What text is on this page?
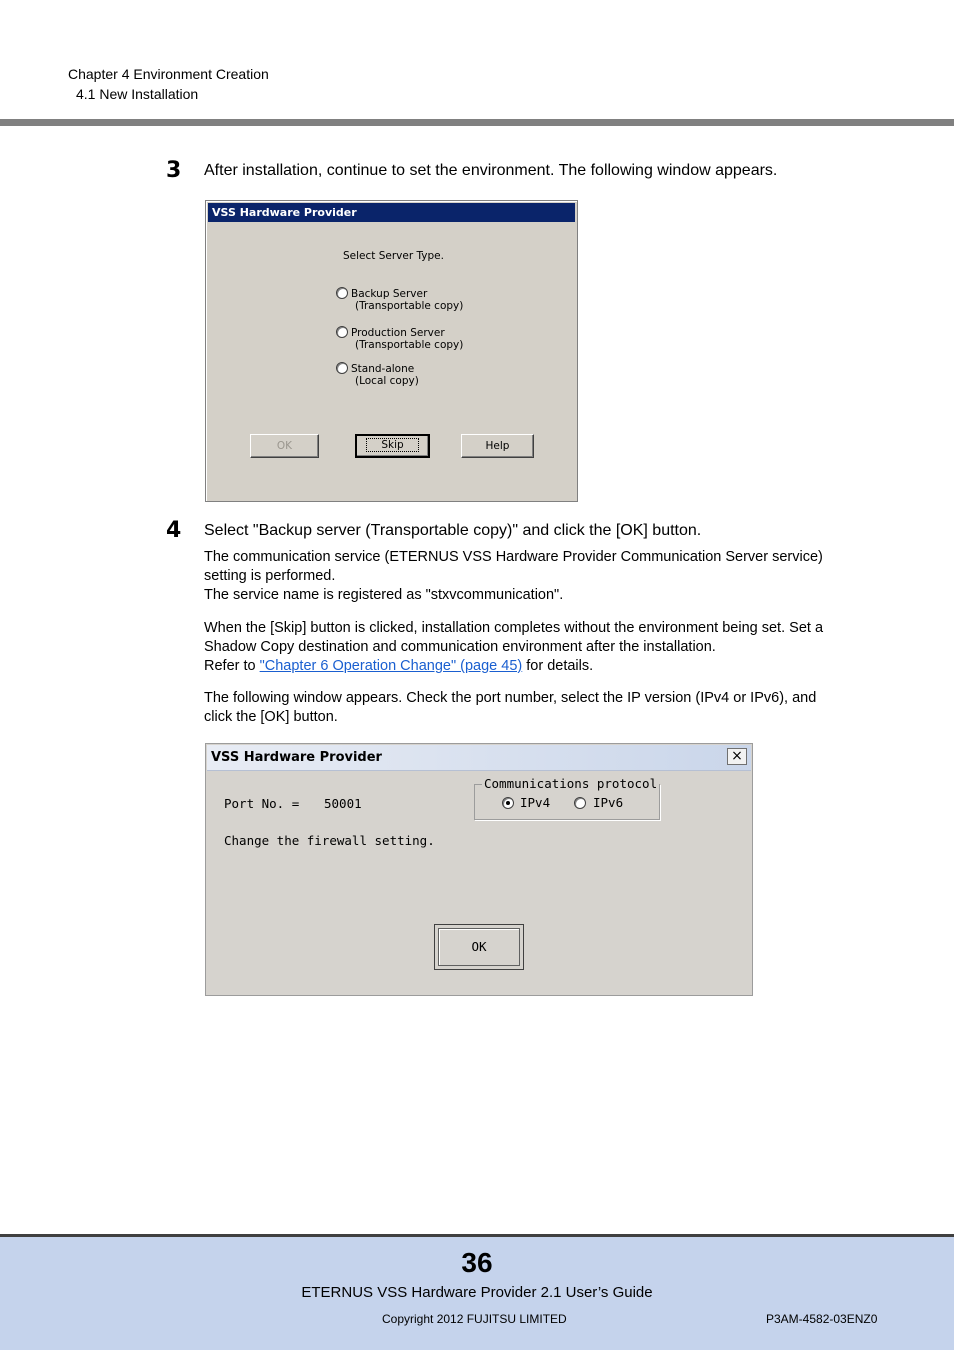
Chapter 4 Environment Creation
4.1 New Installation
3 After installation, continue to set the environment. The following window appears.
VSS Hardware Provider
Select Server Type.
Backup Server
(Transportable copy)
Production Server
(Transportable copy)
Stand-alone
(Local copy)
OK	Skip	Help
4 Select "Backup server (Transportable copy)" and click the [OK] button.
The communication service (ETERNUS VSS Hardware Provider Communication Server service)
setting is performed.
The service name is registered as "stxvcommunication".
When the [Skip] button is clicked, installation completes without the environment being set. Set a
Shadow Copy destination and communication environment after the installation.
Refer to "Chapter 6 Operation Change" (page 45) for details.
The following window appears. Check the port number, select the IP version (IPv4 or IPv6), and
click the [OK] button.
VSS Hardware Provider	×
Port No. = 50001
Change the firewall setting.
Communications protocol
IPv4	IPv6
OK
36
ETERNUS VSS Hardware Provider 2.1 User’s Guide
Copyright 2012 FUJITSU LIMITED	P3AM-4582-03ENZ0
